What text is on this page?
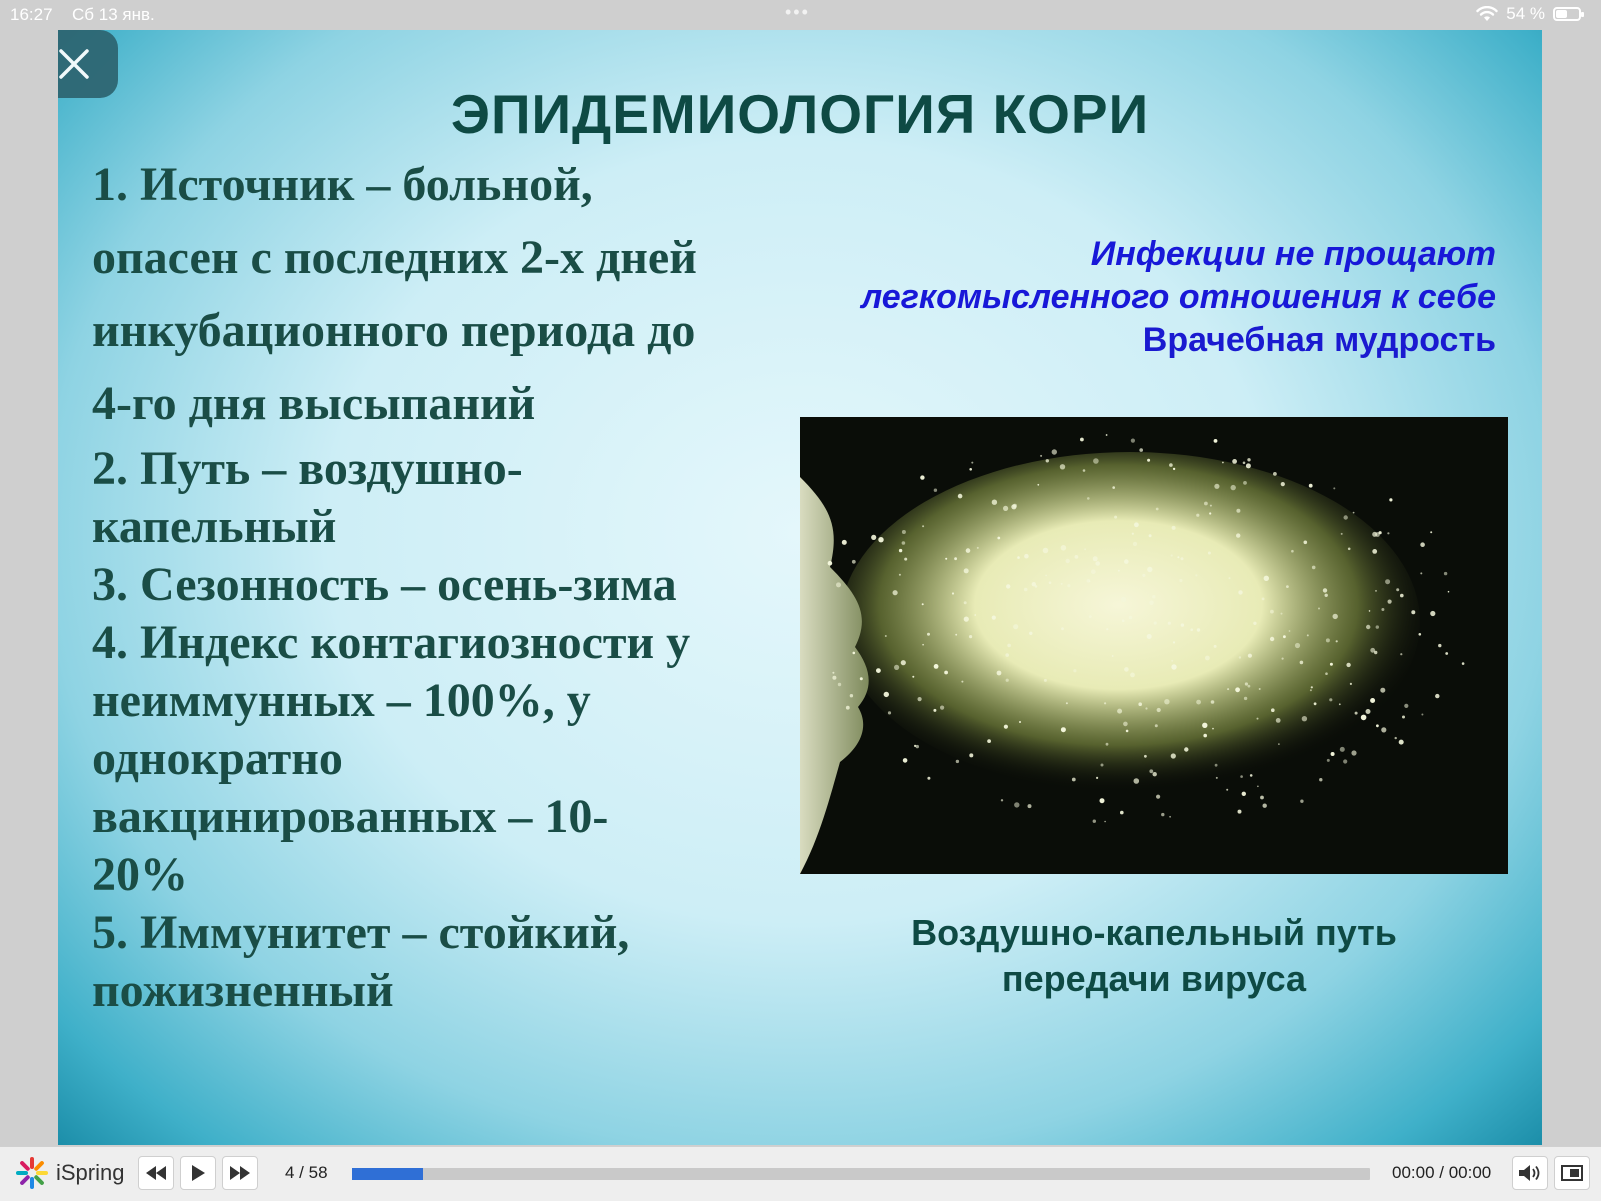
16:27 Сб 13 янв.	•••	54 %
ЭПИДЕМИОЛОГИЯ КОРИ

1. Источник – больной,
опасен с последних 2-х дней
инкубационного периода до
4-го дня высыпаний

2. Путь – воздушно-
капельный

3. Сезонность – осень-зима

4. Индекс контагиозности у
неиммунных – 100%, у
однократно
вакцинированных – 10-
20%

5. Иммунитет – стойкий,
пожизненный

Инфекции не прощают
легкомысленного отношения к себе
Врачебная мудрость
Воздушно-капельный путь
передачи вируса
iSpring	4 / 58	00:00 / 00:00
